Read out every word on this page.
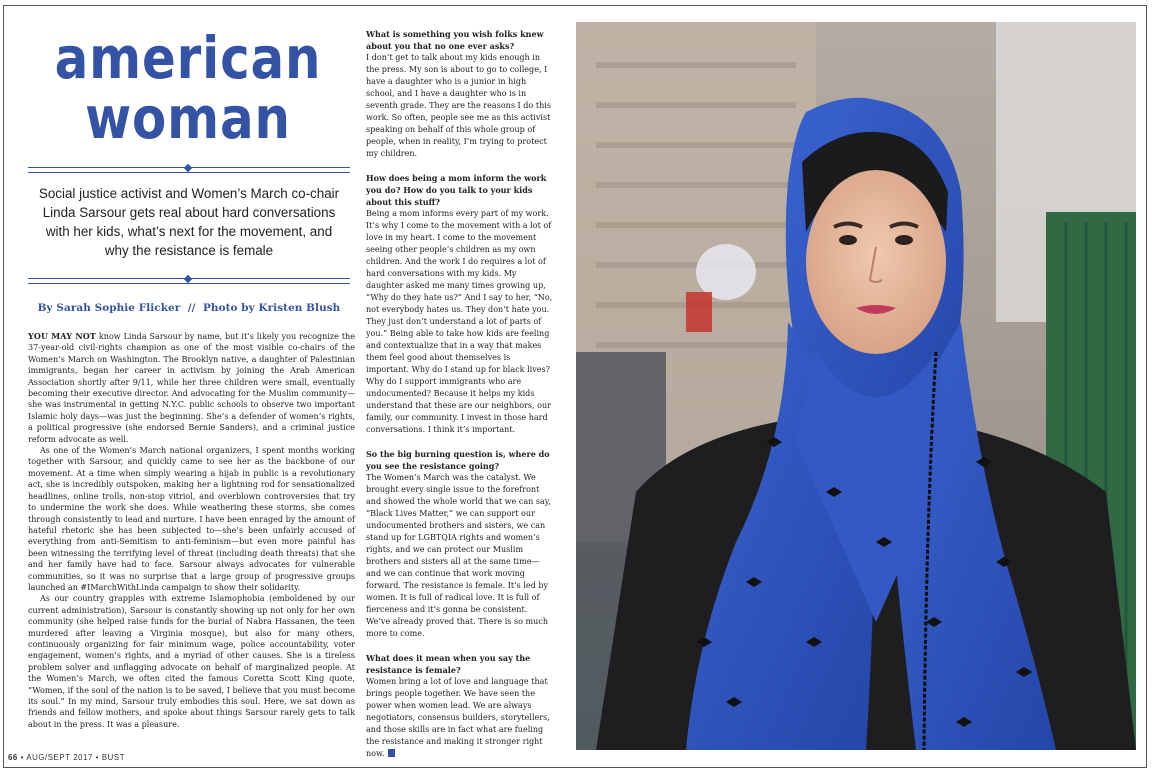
american
woman
Social justice activist and Women’s March co-chair Linda Sarsour gets real about hard conversations with her kids, what’s next for the movement, and why the resistance is female
By Sarah Sophie Flicker // Photo by Kristen Blush

YOU MAY NOT know Linda Sarsour by name, but it’s likely you recognize the 37-year-old civil-rights champion as one of the most visible co-chairs of the Women’s March on Washington. The Brooklyn native, a daughter of Palestinian immigrants, began her career in activism by joining the Arab American Association shortly after 9/11, while her three children were small, eventually becoming their executive director. And advocating for the Muslim community—she was instrumental in getting N.Y.C. public schools to observe two important Islamic holy days—was just the beginning. She’s a defender of women’s rights, a political progressive (she endorsed Bernie Sanders), and a criminal justice reform advocate as well.

As one of the Women’s March national organizers, I spent months working together with Sarsour, and quickly came to see her as the backbone of our movement. At a time when simply wearing a hijab in public is a revolutionary act, she is incredibly outspoken, making her a lightning rod for sensationalized headlines, online trolls, non-stop vitriol, and overblown controversies that try to undermine the work she does. While weathering these storms, she comes through consistently to lead and nurture. I have been enraged by the amount of hateful rhetoric she has been subjected to—she’s been unfairly accused of everything from anti-Semitism to anti-feminism—but even more painful has been witnessing the terrifying level of threat (including death threats) that she and her family have had to face. Sarsour always advocates for vulnerable communities, so it was no surprise that a large group of progressive groups launched an #IMarchWithLinda campaign to show their solidarity.

As our country grapples with extreme Islamophobia (emboldened by our current administration), Sarsour is constantly showing up not only for her own community (she helped raise funds for the burial of Nabra Hassanen, the teen murdered after leaving a Virginia mosque), but also for many others, continuously organizing for fair minimum wage, police accountability, voter engagement, women’s rights, and a myriad of other causes. She is a tireless problem solver and unflagging advocate on behalf of marginalized people. At the Women’s March, we often cited the famous Coretta Scott King quote, “Women, if the soul of the nation is to be saved, I believe that you must become its soul.” In my mind, Sarsour truly embodies this soul. Here, we sat down as friends and fellow mothers, and spoke about things Sarsour rarely gets to talk about in the press. It was a pleasure.

What is something you wish folks knew about you that no one ever asks?

I don’t get to talk about my kids enough in the press. My son is about to go to college, I have a daughter who is a junior in high school, and I have a daughter who is in seventh grade. They are the reasons I do this work. So often, people see me as this activist speaking on behalf of this whole group of people, when in reality, I’m trying to protect my children.

How does being a mom inform the work you do? How do you talk to your kids about this stuff?

Being a mom informs every part of my work. It’s why I come to the movement with a lot of love in my heart. I come to the movement seeing other people’s children as my own children. And the work I do requires a lot of hard conversations with my kids. My daughter asked me many times growing up, “Why do they hate us?” And I say to her, “No, not everybody hates us. They don’t hate you. They just don’t understand a lot of parts of you.” Being able to take how kids are feeling and contextualize that in a way that makes them feel good about themselves is important. Why do I stand up for black lives? Why do I support immigrants who are undocumented? Because it helps my kids understand that these are our neighbors, our family, our community. I invest in those hard conversations. I think it’s important.

So the big burning question is, where do you see the resistance going?

The Women’s March was the catalyst. We brought every single issue to the forefront and showed the whole world that we can say, “Black Lives Matter,” we can support our undocumented brothers and sisters, we can stand up for LGBTQIA rights and women’s rights, and we can protect our Muslim brothers and sisters all at the same time—and we can continue that work moving forward. The resistance is female. It’s led by women. It is full of radical love. It is full of fierceness and it’s gonna be consistent. We’ve already proved that. There is so much more to come.

What does it mean when you say the resistance is female?

Women bring a lot of love and language that brings people together. We have seen the power when women lead. We are always negotiators, consensus builders, storytellers, and those skills are in fact what are fueling the resistance and making it stronger right now.

66 • AUG/SEPT 2017 • BUST
